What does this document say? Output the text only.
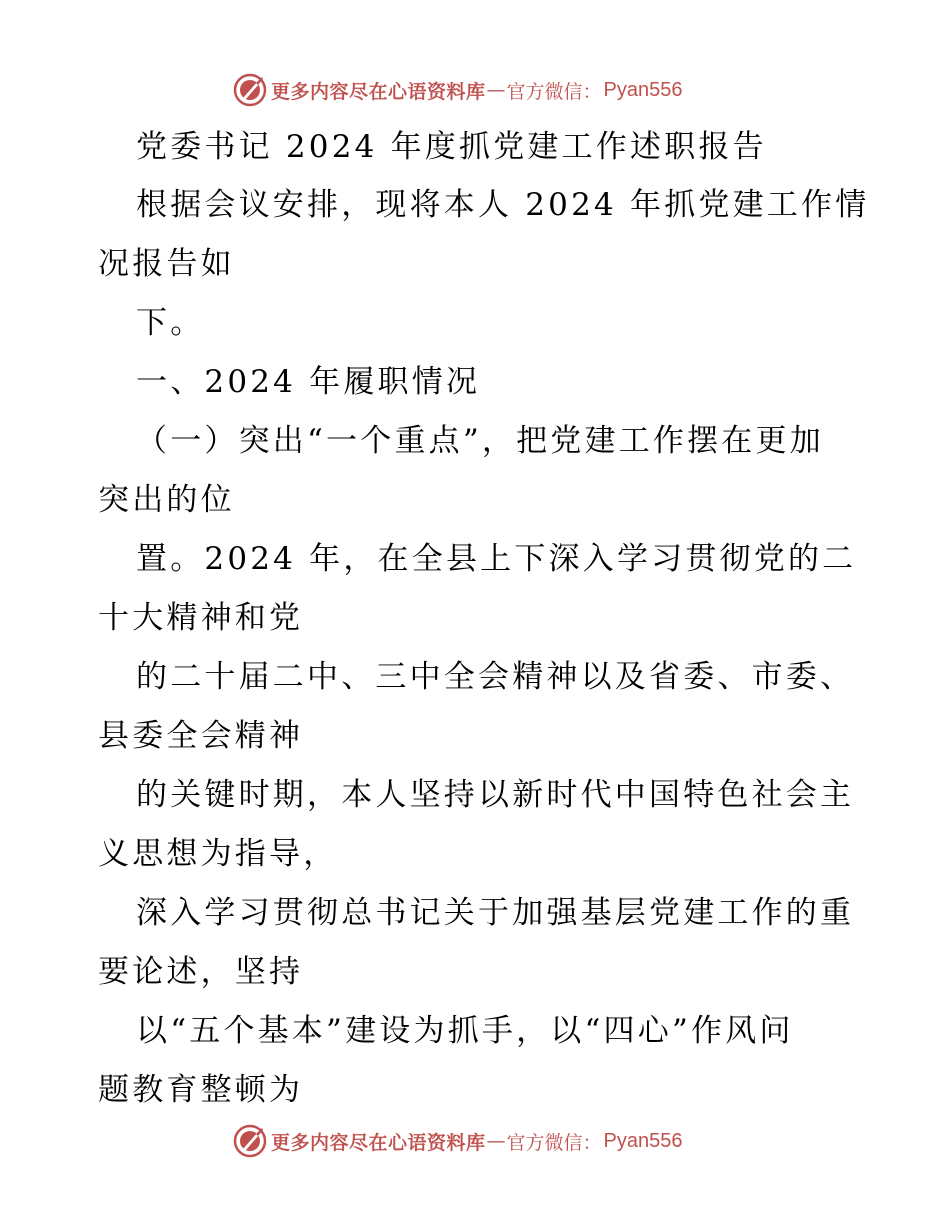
更多内容尽在心语资料库 — 官方微信： Pyan556
党委书记 2024 年度抓党建工作述职报告
根据会议安排，现将本人 2024 年抓党建工作情
况报告如
下。
一、2024 年履职情况
（一）突出“一个重点”，把党建工作摆在更加
突出的位
置。2024 年，在全县上下深入学习贯彻党的二
十大精神和党
的二十届二中、三中全会精神以及省委、市委、
县委全会精神
的关键时期，本人坚持以新时代中国特色社会主
义思想为指导，
深入学习贯彻总书记关于加强基层党建工作的重
要论述，坚持
以“五个基本”建设为抓手，以“四心”作风问
题教育整顿为
更多内容尽在心语资料库 — 官方微信： Pyan556
